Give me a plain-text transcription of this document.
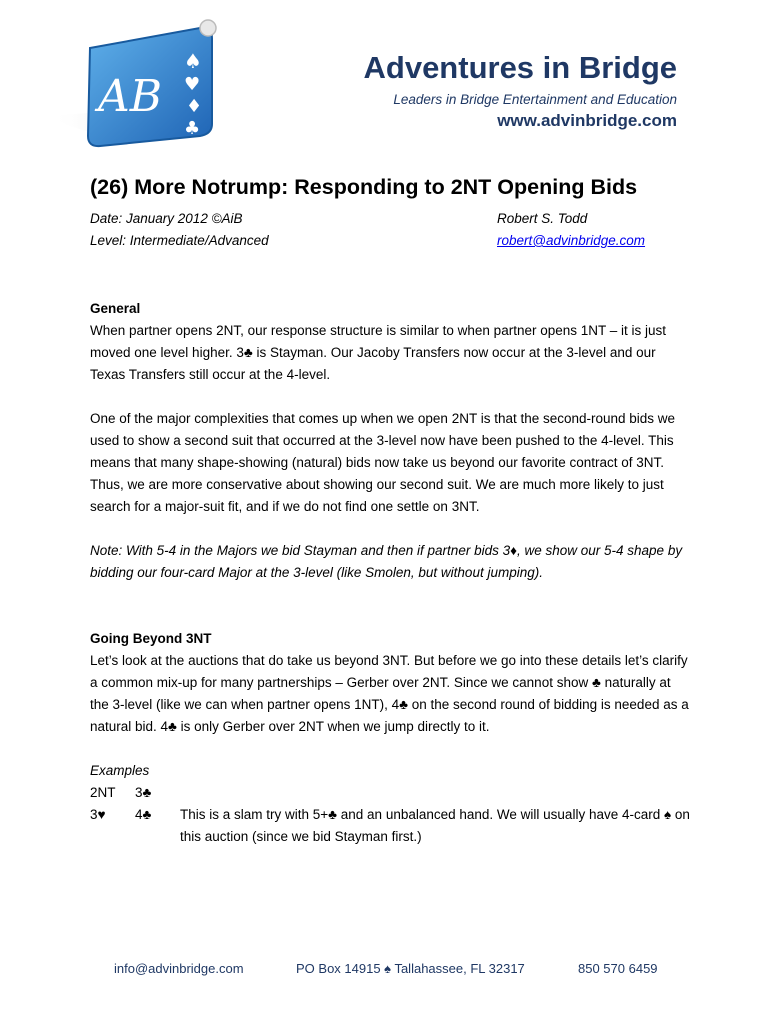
AB
♠
♥
♦
♣
Adventures in Bridge
Leaders in Bridge Entertainment and Education
www.advinbridge.com
(26) More Notrump: Responding to 2NT Opening Bids
Date: January 2012 ©AiB
Level: Intermediate/Advanced
Robert S. Todd
robert@advinbridge.com
General

When partner opens 2NT, our response structure is similar to when partner opens 1NT – it is just moved one level higher. 3♣ is Stayman. Our Jacoby Transfers now occur at the 3-level and our Texas Transfers still occur at the 4-level.

One of the major complexities that comes up when we open 2NT is that the second-round bids we used to show a second suit that occurred at the 3-level now have been pushed to the 4-level. This means that many shape-showing (natural) bids now take us beyond our favorite contract of 3NT. Thus, we are more conservative about showing our second suit. We are much more likely to just search for a major-suit fit, and if we do not find one settle on 3NT.

Note: With 5-4 in the Majors we bid Stayman and then if partner bids 3♦, we show our 5-4 shape by bidding our four-card Major at the 3-level (like Smolen, but without jumping).

Going Beyond 3NT

Let’s look at the auctions that do take us beyond 3NT. But before we go into these details let’s clarify a common mix-up for many partnerships – Gerber over 2NT. Since we cannot show ♣ naturally at the 3-level (like we can when partner opens 1NT), 4♣ on the second round of bidding is needed as a natural bid. 4♣ is only Gerber over 2NT when we jump directly to it.

Examples

2NT 3♣
3♥ 4♣ This is a slam try with 5+♣ and an unbalanced hand. We will usually have 4-card ♠ on this auction (since we bid Stayman first.)
info@advinbridge.com	PO Box 14915 ♠ Tallahassee, FL 32317	850 570 6459
